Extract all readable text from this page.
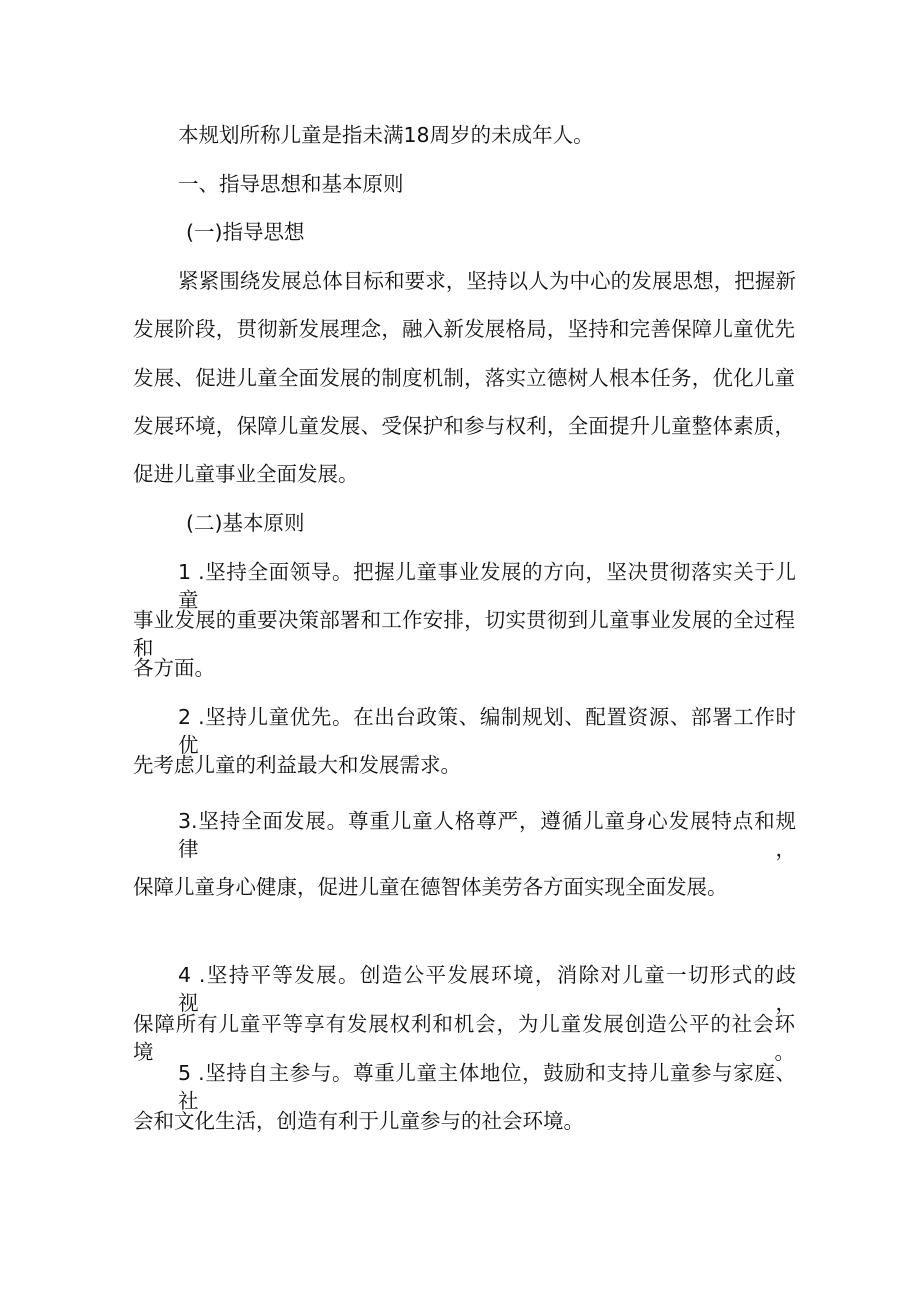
本规划所称儿童是指未满18周岁的未成年人。

一、指导思想和基本原则

(一)指导思想

紧紧围绕发展总体目标和要求，坚持以人为中心的发展思想，把握新

发展阶段，贯彻新发展理念，融入新发展格局，坚持和完善保障儿童优先

发展、促进儿童全面发展的制度机制，落实立德树人根本任务，优化儿童

发展环境，保障儿童发展、受保护和参与权利，全面提升儿童整体素质，

促进儿童事业全面发展。

(二)基本原则

1 .坚持全面领导。把握儿童事业发展的方向，坚决贯彻落实关于儿童

事业发展的重要决策部署和工作安排，切实贯彻到儿童事业发展的全过程和

各方面。

2 .坚持儿童优先。在出台政策、编制规划、配置资源、部署工作时优

先考虑儿童的利益最大和发展需求。

3.坚持全面发展。尊重儿童人格尊严，遵循儿童身心发展特点和规律，

保障儿童身心健康，促进儿童在德智体美劳各方面实现全面发展。

4 .坚持平等发展。创造公平发展环境，消除对儿童一切形式的歧视，

保障所有儿童平等享有发展权利和机会，为儿童发展创造公平的社会环境。

5 .坚持自主参与。尊重儿童主体地位，鼓励和支持儿童参与家庭、社

会和文化生活，创造有利于儿童参与的社会环境。
